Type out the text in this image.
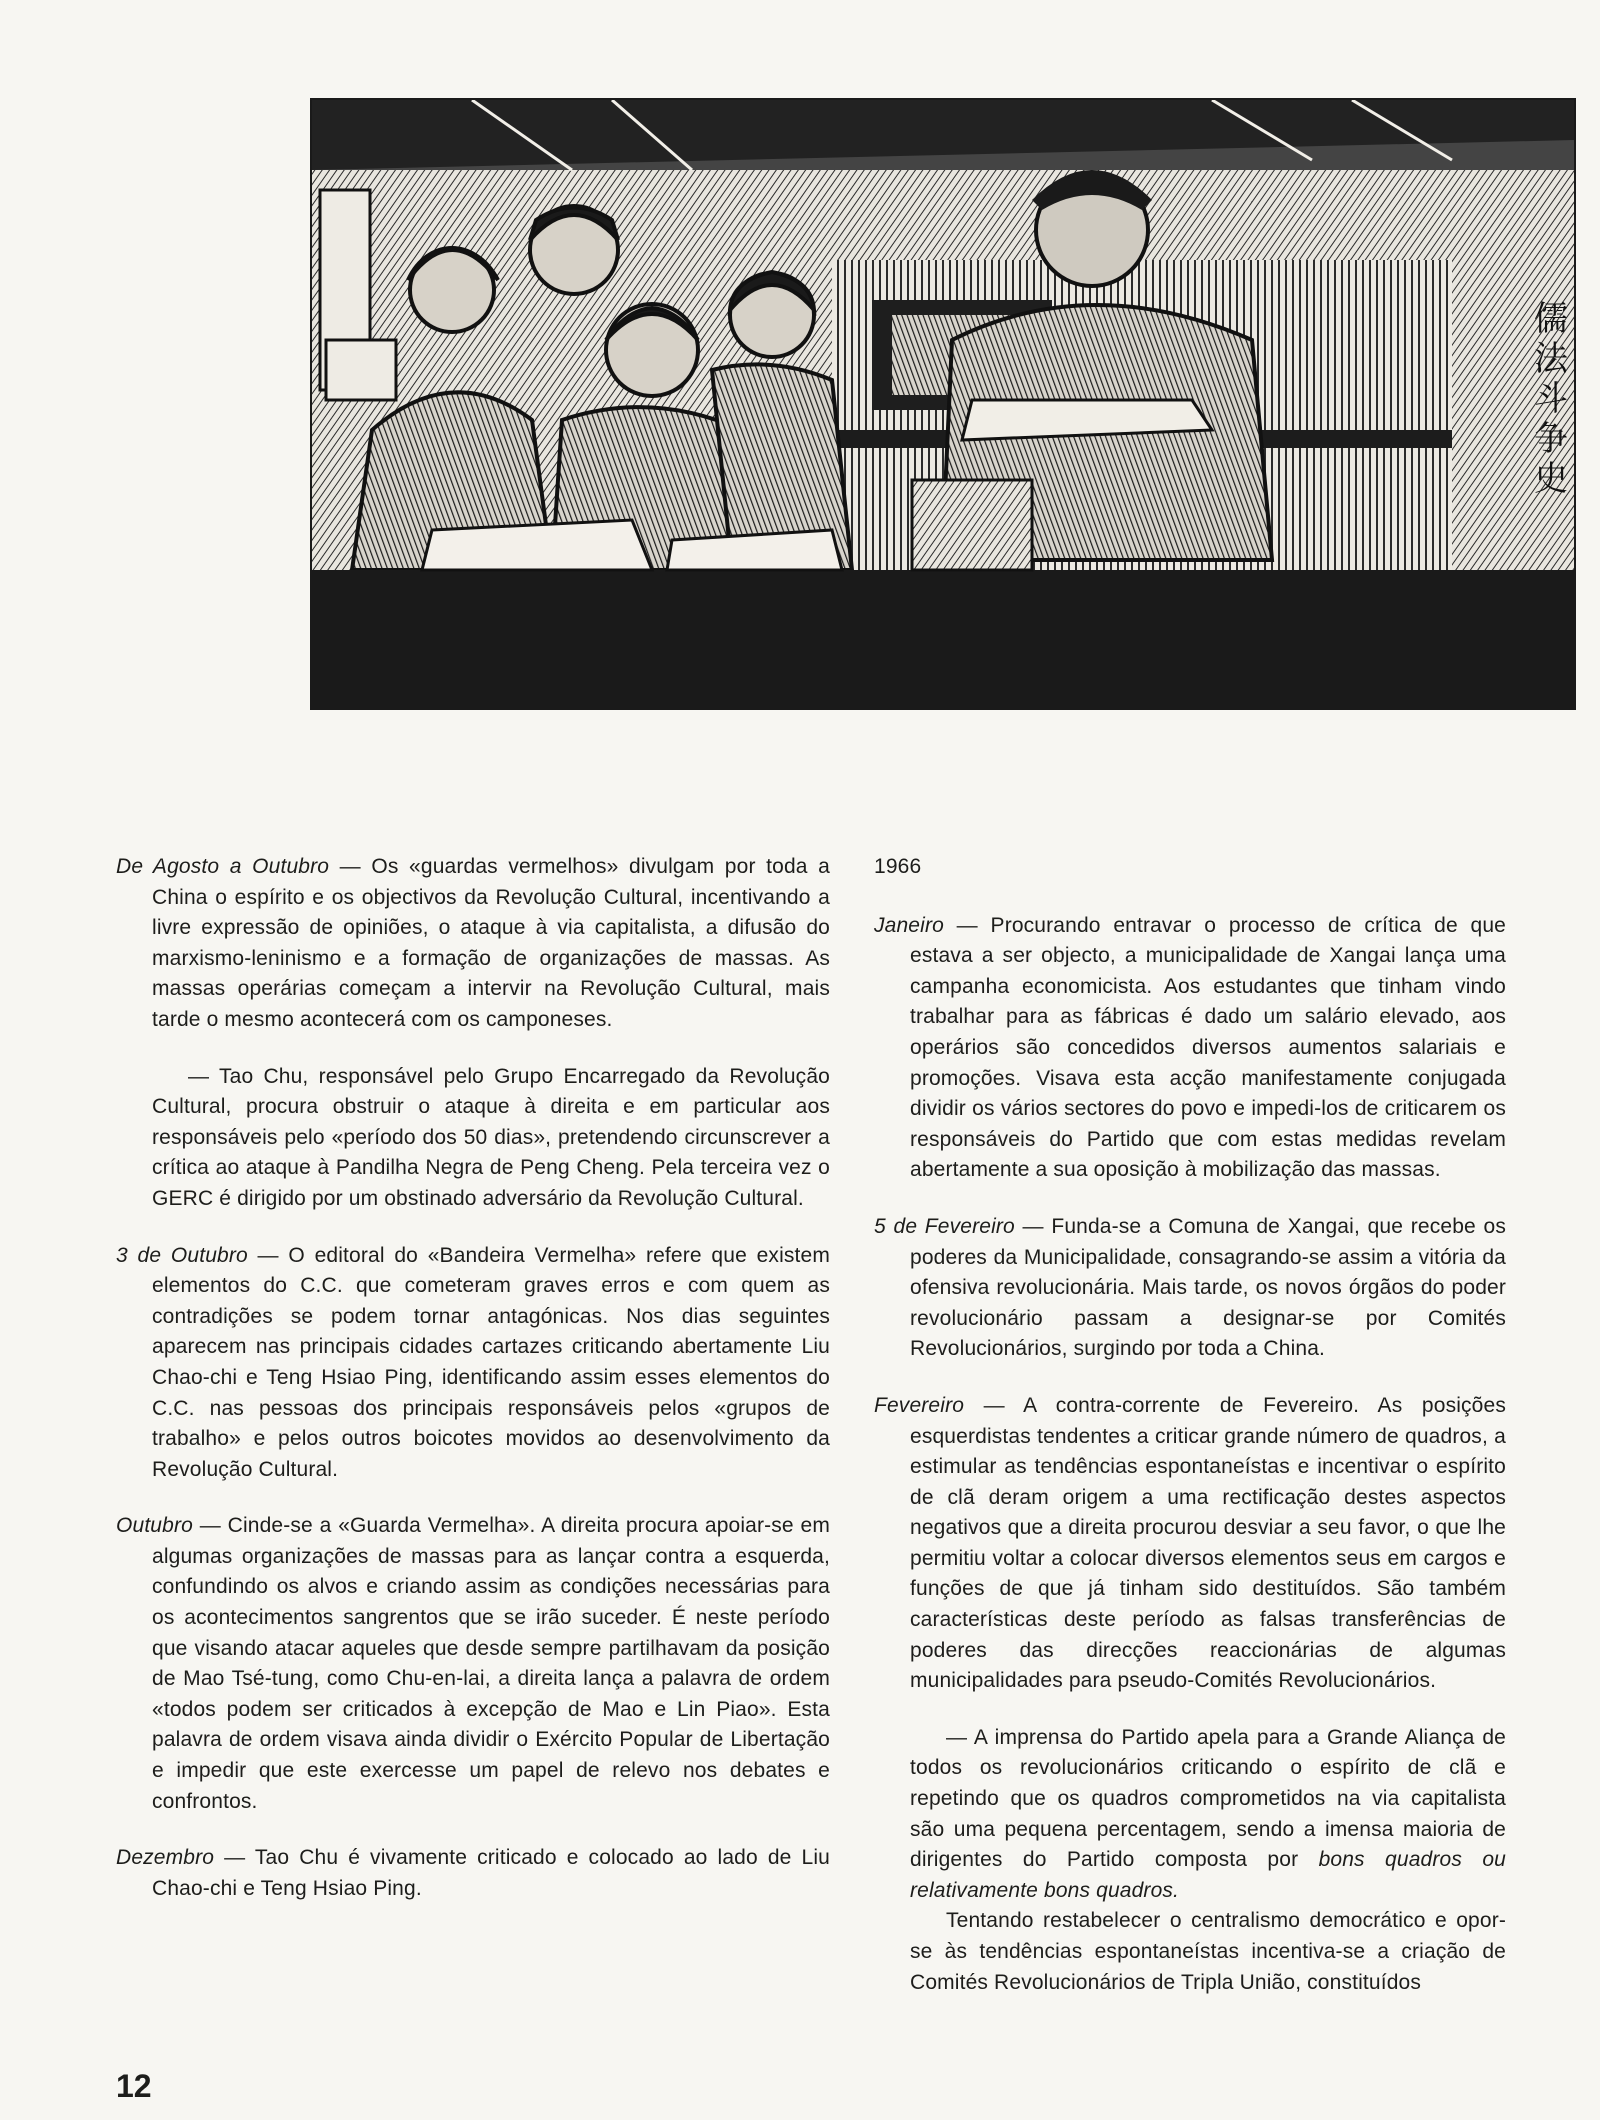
儒
法
斗
争
史
De Agosto a Outubro — Os «guardas vermelhos» divulgam por toda a China o espírito e os objectivos da Revolução Cultural, incentivando a livre expressão de opiniões, o ataque à via capitalista, a difusão do marxismo-leninismo e a formação de organizações de massas. As massas operárias começam a intervir na Revolução Cultural, mais tarde o mesmo acontecerá com os camponeses.

— Tao Chu, responsável pelo Grupo Encarregado da Revolução Cultural, procura obstruir o ataque à direita e em particular aos responsáveis pelo «período dos 50 dias», pretendendo circunscrever a crítica ao ataque à Pandilha Negra de Peng Cheng. Pela terceira vez o GERC é dirigido por um obstinado adversário da Revolução Cultural.

3 de Outubro — O editoral do «Bandeira Vermelha» refere que existem elementos do C.C. que cometeram graves erros e com quem as contradições se podem tornar antagónicas. Nos dias seguintes aparecem nas principais cidades cartazes criticando abertamente Liu Chao-chi e Teng Hsiao Ping, identificando assim esses elementos do C.C. nas pessoas dos principais responsáveis pelos «grupos de trabalho» e pelos outros boicotes movidos ao desenvolvimento da Revolução Cultural.
Outubro — Cinde-se a «Guarda Vermelha». A direita procura apoiar-se em algumas organizações de massas para as lançar contra a esquerda, confundindo os alvos e criando assim as condições necessárias para os acontecimentos sangrentos que se irão suceder. É neste período que visando atacar aqueles que desde sempre partilhavam da posição de Mao Tsé-tung, como Chu-en-lai, a direita lança a palavra de ordem «todos podem ser criticados à excepção de Mao e Lin Piao». Esta palavra de ordem visava ainda dividir o Exército Popular de Libertação e impedir que este exercesse um papel de relevo nos debates e confrontos.
Dezembro — Tao Chu é vivamente criticado e colocado ao lado de Liu Chao-chi e Teng Hsiao Ping.
1966
Janeiro — Procurando entravar o processo de crítica de que estava a ser objecto, a municipalidade de Xangai lança uma campanha economicista. Aos estudantes que tinham vindo trabalhar para as fábricas é dado um salário elevado, aos operários são concedidos diversos aumentos salariais e promoções. Visava esta acção manifestamente conjugada dividir os vários sectores do povo e impedi-los de criticarem os responsáveis do Partido que com estas medidas revelam abertamente a sua oposição à mobilização das massas.
5 de Fevereiro — Funda-se a Comuna de Xangai, que recebe os poderes da Municipalidade, consagrando-se assim a vitória da ofensiva revolucionária. Mais tarde, os novos órgãos do poder revolucionário passam a designar-se por Comités Revolucionários, surgindo por toda a China.
Fevereiro — A contra-corrente de Fevereiro. As posições esquerdistas tendentes a criticar grande número de quadros, a estimular as tendências espontaneístas e incentivar o espírito de clã deram origem a uma rectificação destes aspectos negativos que a direita procurou desviar a seu favor, o que lhe permitiu voltar a colocar diversos elementos seus em cargos e funções de que já tinham sido destituídos. São também características deste período as falsas transferências de poderes das direcções reaccionárias de algumas municipalidades para pseudo-Comités Revolucionários.

— A imprensa do Partido apela para a Grande Aliança de todos os revolucionários criticando o espírito de clã e repetindo que os quadros comprometidos na via capitalista são uma pequena percentagem, sendo a imensa maioria de dirigentes do Partido composta por bons quadros ou relativamente bons quadros.

Tentando restabelecer o centralismo democrático e opor-se às tendências espontaneístas incentiva-se a criação de Comités Revolucionários de Tripla União, constituídos

12
